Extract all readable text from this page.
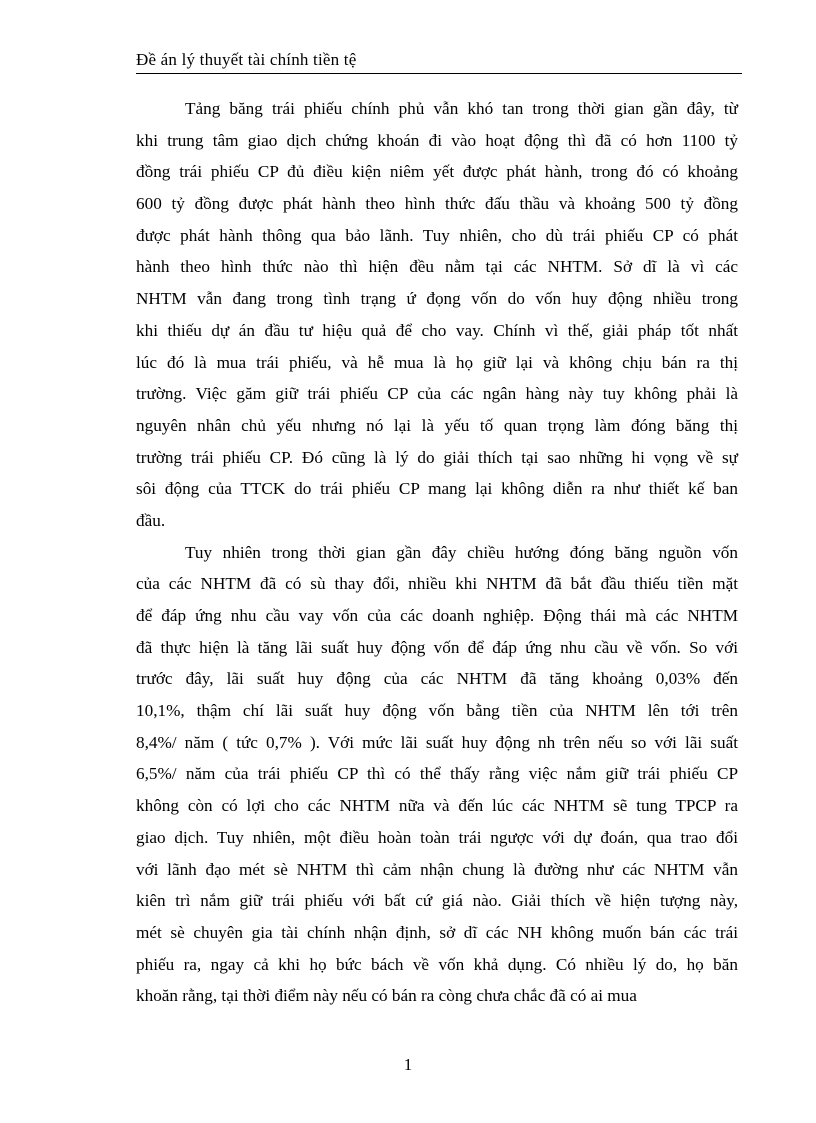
Đề án lý thuyết tài chính tiền tệ
Tảng băng trái phiếu chính phủ vẫn khó tan trong thời gian gần đây, từ
khi trung tâm giao dịch chứng khoán đi vào hoạt động thì đã có hơn 1100 tỷ
đồng trái phiếu CP đủ điều kiện niêm yết được phát hành, trong đó có khoảng
600 tỷ đồng được phát hành theo hình thức đấu thầu và khoảng 500 tỷ đồng
được phát hành thông qua bảo lãnh. Tuy nhiên, cho dù trái phiếu CP có phát
hành theo hình thức nào thì hiện đều nằm tại các NHTM. Sở dĩ là vì các
NHTM vẫn đang trong tình trạng ứ đọng vốn do vốn huy động nhiều trong
khi thiếu dự án đầu tư hiệu quả để cho vay. Chính vì thế, giải pháp tốt nhất
lúc đó là mua trái phiếu, và hễ mua là họ giữ lại và không chịu bán ra thị
trường. Việc găm giữ trái phiếu CP của các ngân hàng này tuy không phải là
nguyên nhân chủ yếu nhưng nó lại là yếu tố quan trọng làm đóng băng thị
trường trái phiếu CP. Đó cũng là lý do giải thích tại sao những hi vọng về sự
sôi động của TTCK do trái phiếu CP mang lại không diễn ra như thiết kế ban
đầu.
Tuy nhiên trong thời gian gần đây chiều hướng đóng băng nguồn vốn
của các NHTM đã có sù thay đổi, nhiều khi NHTM đã bắt đầu thiếu tiền mặt
để đáp ứng nhu cầu vay vốn của các doanh nghiệp. Động thái mà các NHTM
đã thực hiện là tăng lãi suất huy động vốn để đáp ứng nhu cầu về vốn. So với
trước đây, lãi suất huy động của các NHTM đã tăng khoảng 0,03% đến
10,1%, thậm chí lãi suất huy động vốn bằng tiền của NHTM lên tới trên
8,4%/ năm ( tức 0,7% ). Với mức lãi suất huy động nh trên nếu so với lãi suất
6,5%/ năm của trái phiếu CP thì có thể thấy rằng việc nắm giữ trái phiếu CP
không còn có lợi cho các NHTM nữa và đến lúc các NHTM sẽ tung TPCP ra
giao dịch. Tuy nhiên, một điều hoàn toàn trái ngược với dự đoán, qua trao đổi
với lãnh đạo mét sè NHTM thì cảm nhận chung là đường như các NHTM vẫn
kiên trì nắm giữ trái phiếu với bất cứ giá nào. Giải thích về hiện tượng này,
mét sè chuyên gia tài chính nhận định, sở dĩ các NH không muốn bán các trái
phiếu ra, ngay cả khi họ bức bách về vốn khả dụng. Có nhiều lý do, họ băn
khoăn rằng, tại thời điểm này nếu có bán ra còng chưa chắc đã có ai mua
1
